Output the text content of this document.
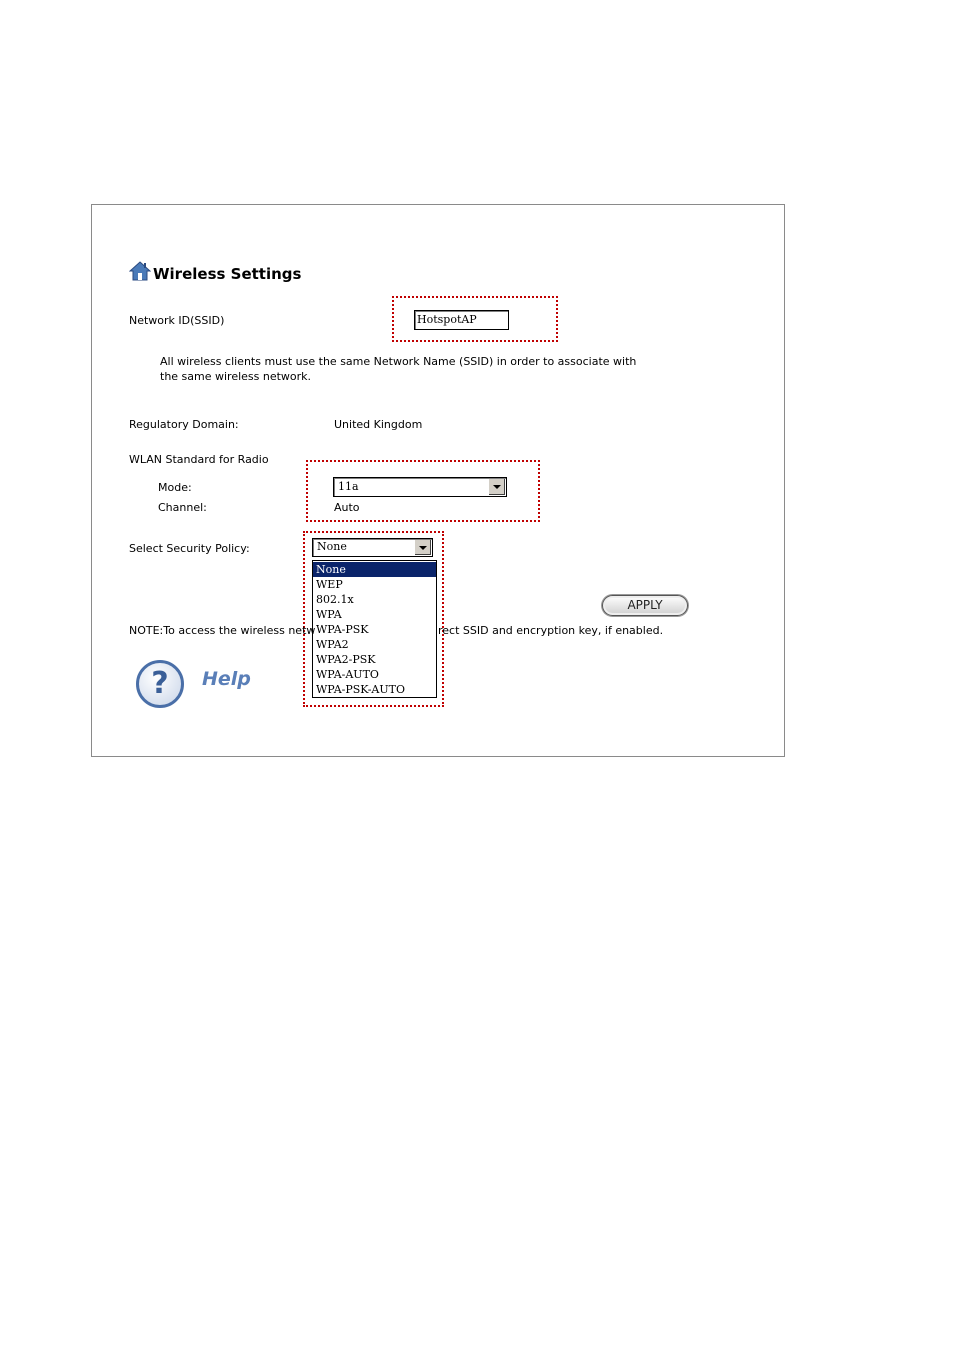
Wireless Settings
Network ID(SSID)	HotspotAP
All wireless clients must use the same Network Name (SSID) in order to associate with
the same wireless network.
Regulatory Domain:	United Kingdom
WLAN Standard for Radio
Mode:	11a
Channel:	Auto
Select Security Policy:	None
None
WEP
802.1x
WPA
WPA-PSK
WPA2
WPA2-PSK
WPA-AUTO
WPA-PSK-AUTO
APPLY
NOTE:To access the wireless netw	rect SSID and encryption key, if enabled.
?	Help
